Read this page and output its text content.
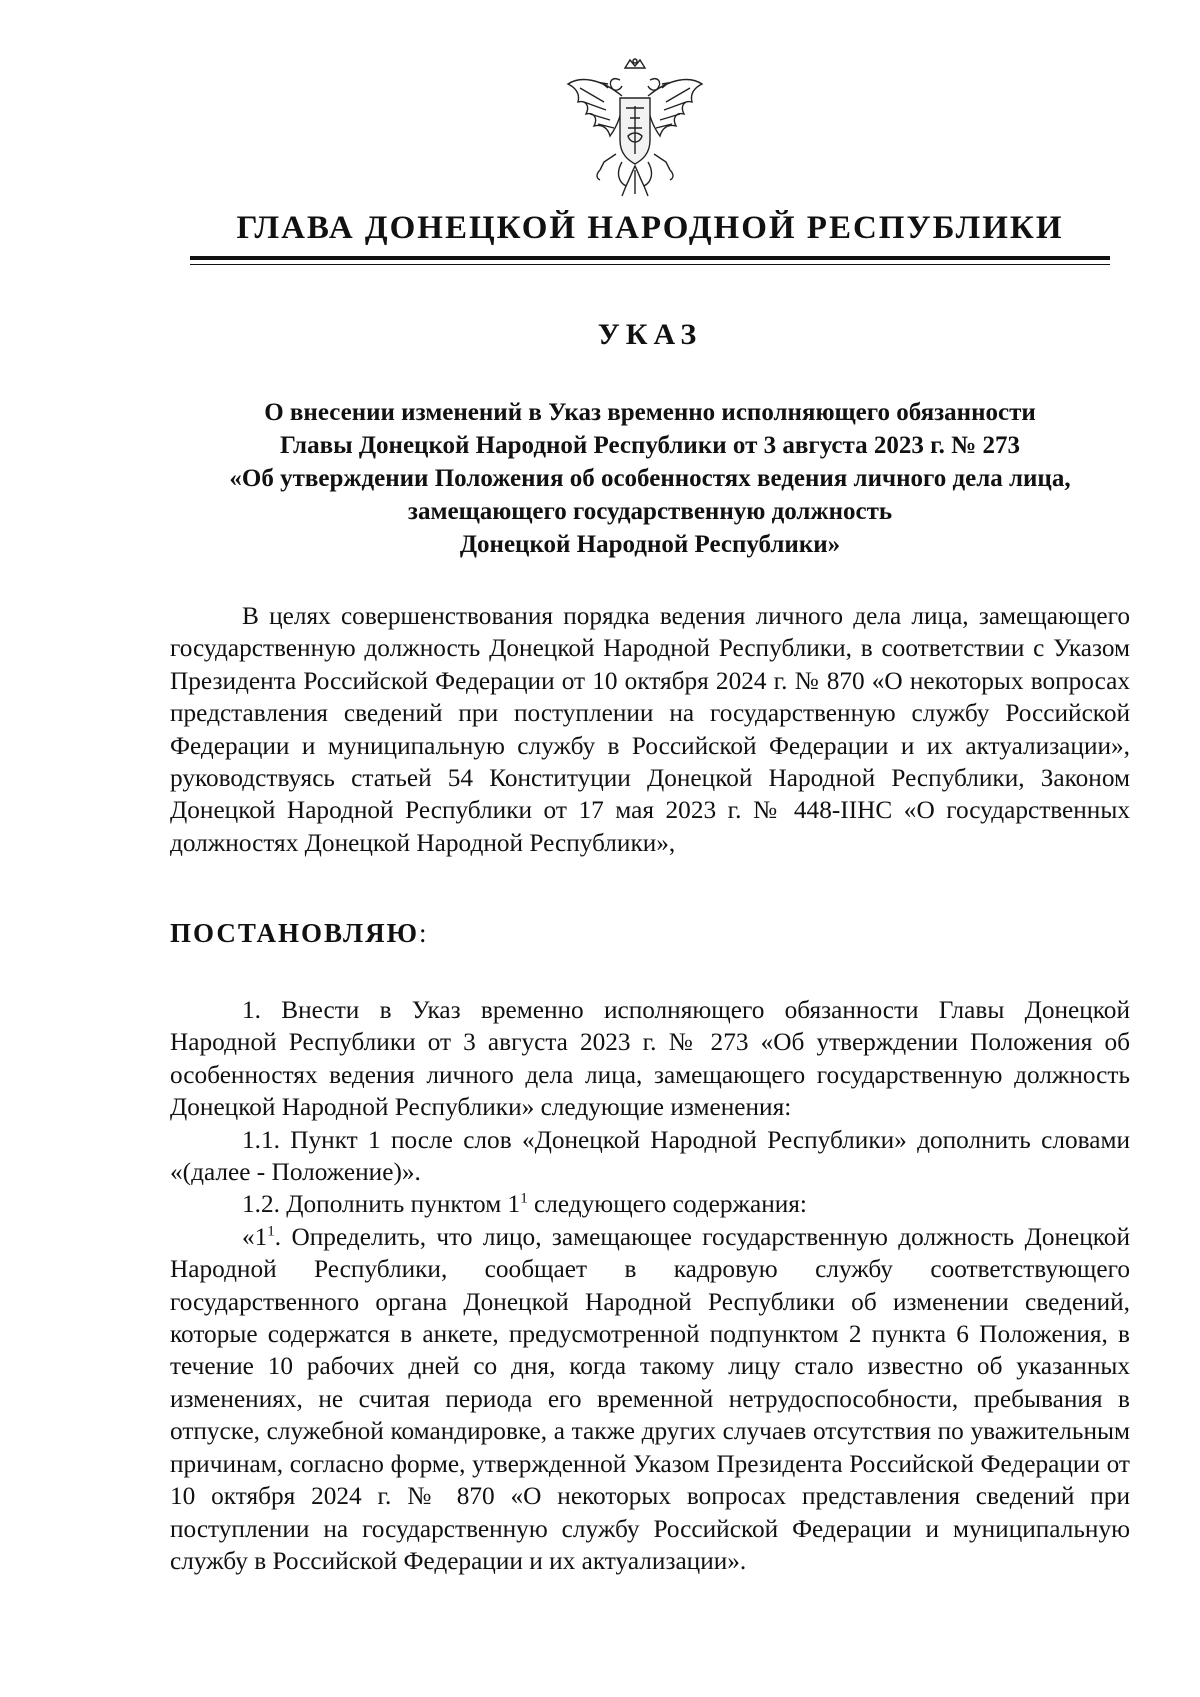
ГЛАВА ДОНЕЦКОЙ НАРОДНОЙ РЕСПУБЛИКИ
УКАЗ
О внесении изменений в Указ временно исполняющего обязанности
Главы Донецкой Народной Республики от 3 августа 2023 г. № 273
«Об утверждении Положения об особенностях ведения личного дела лица,
замещающего государственную должность
Донецкой Народной Республики»

В целях совершенствования порядка ведения личного дела лица, замещающего государственную должность Донецкой Народной Республики, в соответствии с Указом Президента Российской Федерации от 10 октября 2024 г. № 870 «О некоторых вопросах представления сведений при поступлении на государственную службу Российской Федерации и муниципальную службу в Российской Федерации и их актуализации», руководствуясь статьей 54 Конституции Донецкой Народной Республики, Законом Донецкой Народной Республики от 17 мая 2023 г. № 448-IIНС «О государственных должностях Донецкой Народной Республики»,

ПОСТАНОВЛЯЮ:

1. Внести в Указ временно исполняющего обязанности Главы Донецкой Народной Республики от 3 августа 2023 г. № 273 «Об утверждении Положения об особенностях ведения личного дела лица, замещающего государственную должность Донецкой Народной Республики» следующие изменения:

1.1. Пункт 1 после слов «Донецкой Народной Республики» дополнить словами «(далее - Положение)».

1.2. Дополнить пунктом $1^1$ следующего содержания:

«$1^1$. Определить, что лицо, замещающее государственную должность Донецкой Народной Республики, сообщает в кадровую службу соответствующего государственного органа Донецкой Народной Республики об изменении сведений, которые содержатся в анкете, предусмотренной подпунктом 2 пункта 6 Положения, в течение 10 рабочих дней со дня, когда такому лицу стало известно об указанных изменениях, не считая периода его временной нетрудоспособности, пребывания в отпуске, служебной командировке, а также других случаев отсутствия по уважительным причинам, согласно форме, утвержденной Указом Президента Российской Федерации от 10 октября 2024 г. № 870 «О некоторых вопросах представления сведений при поступлении на государственную службу Российской Федерации и муниципальную службу в Российской Федерации и их актуализации».
